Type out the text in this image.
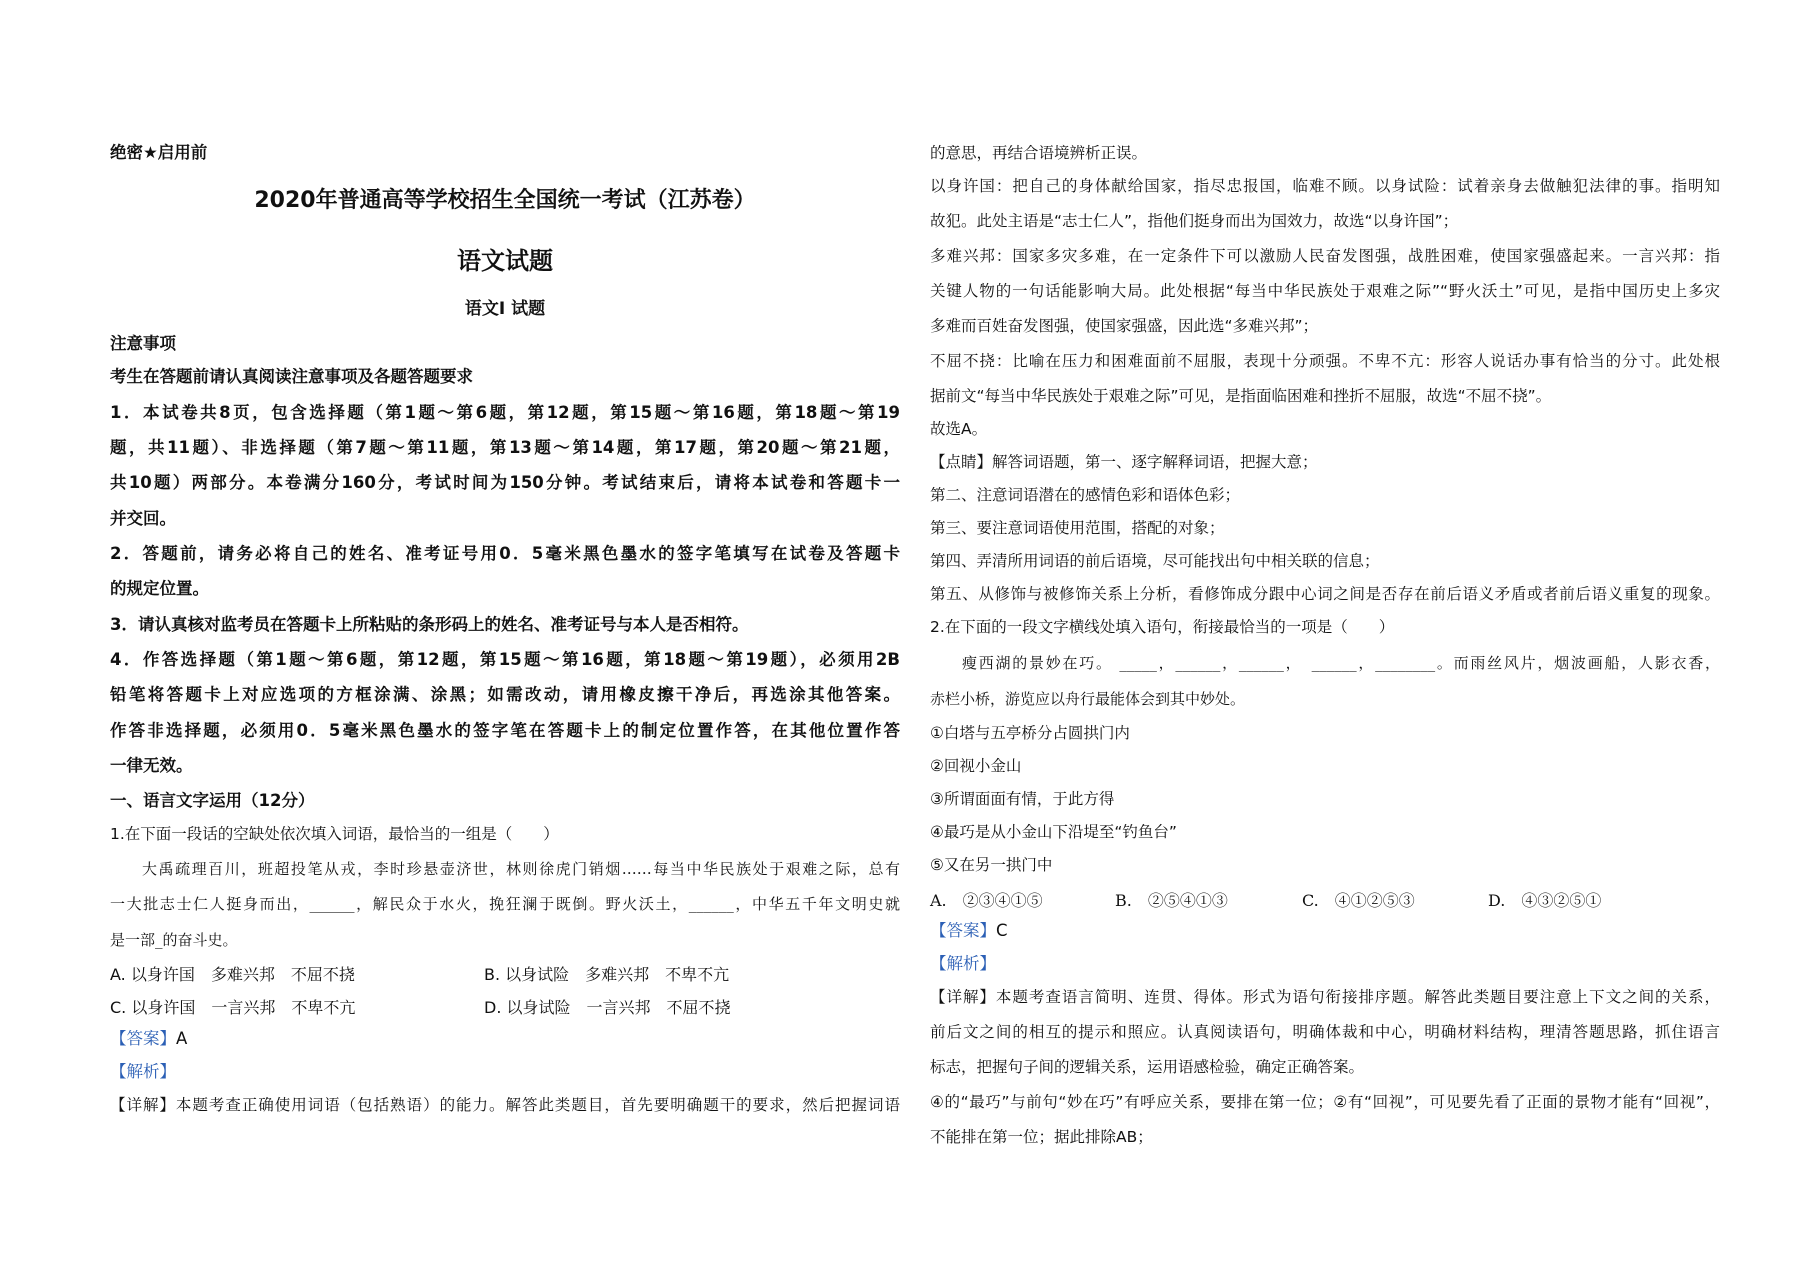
绝密★启用前
2020年普通高等学校招生全国统一考试（江苏卷）
语文试题
语文Ⅰ 试题
注意事项
考生在答题前请认真阅读注意事项及各题答题要求
1．本试卷共8页，包含选择题（第1题～第6题，第12题，第15题～第16题，第18题～第19
题，共11题）、非选择题（第7题～第11题，第13题～第14题，第17题，第20题～第21题，
共10题）两部分。本卷满分160分，考试时间为150分钟。考试结束后，请将本试卷和答题卡一
并交回。
2．答题前，请务必将自己的姓名、准考证号用0．5毫米黑色墨水的签字笔填写在试卷及答题卡
的规定位置。
3．请认真核对监考员在答题卡上所粘贴的条形码上的姓名、准考证号与本人是否相符。
4．作答选择题（第1题～第6题，第12题，第15题～第16题，第18题～第19题），必须用2B
铅笔将答题卡上对应选项的方框涂满、涂黑；如需改动，请用橡皮擦干净后，再选涂其他答案。
作答非选择题，必须用0．5毫米黑色墨水的签字笔在答题卡上的制定位置作答，在其他位置作答
一律无效。
一、语言文字运用（12分）
1.在下面一段话的空缺处依次填入词语，最恰当的一组是（　　）
大禹疏理百川，班超投笔从戎，李时珍悬壶济世，林则徐虎门销烟……每当中华民族处于艰难之际，总有
一大批志士仁人挺身而出，______，解民众于水火，挽狂澜于既倒。野火沃土，______，中华五千年文明史就
是一部_的奋斗史。
A. 以身许国　多难兴邦　不屈不挠	B. 以身试险　多难兴邦　不卑不亢
C. 以身许国　一言兴邦　不卑不亢	D. 以身试险　一言兴邦　不屈不挠
【答案】A
【解析】
【详解】本题考查正确使用词语（包括熟语）的能力。解答此类题目，首先要明确题干的要求，然后把握词语
的意思，再结合语境辨析正误。
以身许国：把自己的身体献给国家，指尽忠报国，临难不顾。以身试险：试着亲身去做触犯法律的事。指明知
故犯。此处主语是“志士仁人”，指他们挺身而出为国效力，故选“以身许国”；
多难兴邦：国家多灾多难，在一定条件下可以激励人民奋发图强，战胜困难，使国家强盛起来。一言兴邦：指
关键人物的一句话能影响大局。此处根据“每当中华民族处于艰难之际”“野火沃土”可见，是指中国历史上多灾
多难而百姓奋发图强，使国家强盛，因此选“多难兴邦”；
不屈不挠：比喻在压力和困难面前不屈服，表现十分顽强。不卑不亢：形容人说话办事有恰当的分寸。此处根
据前文“每当中华民族处于艰难之际”可见，是指面临困难和挫折不屈服，故选“不屈不挠”。
故选A。
【点睛】解答词语题，第一、逐字解释词语，把握大意；
第二、注意词语潜在的感情色彩和语体色彩；
第三、要注意词语使用范围，搭配的对象；
第四、弄清所用词语的前后语境，尽可能找出句中相关联的信息；
第五、从修饰与被修饰关系上分析，看修饰成分跟中心词之间是否存在前后语义矛盾或者前后语义重复的现象。
2.在下面的一段文字横线处填入语句，衔接最恰当的一项是（　　）
瘦西湖的景妙在巧。 _____，______，______，　______，________。而雨丝风片，烟波画船，人影衣香，
赤栏小桥，游览应以舟行最能体会到其中妙处。
①白塔与五亭桥分占圆拱门内
②回视小金山
③所谓面面有情，于此方得
④最巧是从小金山下沿堤至“钓鱼台”
⑤又在另一拱门中
A.　②③④①⑤	B.　②⑤④①③	C.　④①②⑤③	D.　④③②⑤①
【答案】C
【解析】
【详解】本题考查语言简明、连贯、得体。形式为语句衔接排序题。解答此类题目要注意上下文之间的关系，
前后文之间的相互的提示和照应。认真阅读语句，明确体裁和中心，明确材料结构，理清答题思路，抓住语言
标志，把握句子间的逻辑关系，运用语感检验，确定正确答案。
④的“最巧”与前句“妙在巧”有呼应关系，要排在第一位；②有“回视”，可见要先看了正面的景物才能有“回视”，
不能排在第一位；据此排除AB；
